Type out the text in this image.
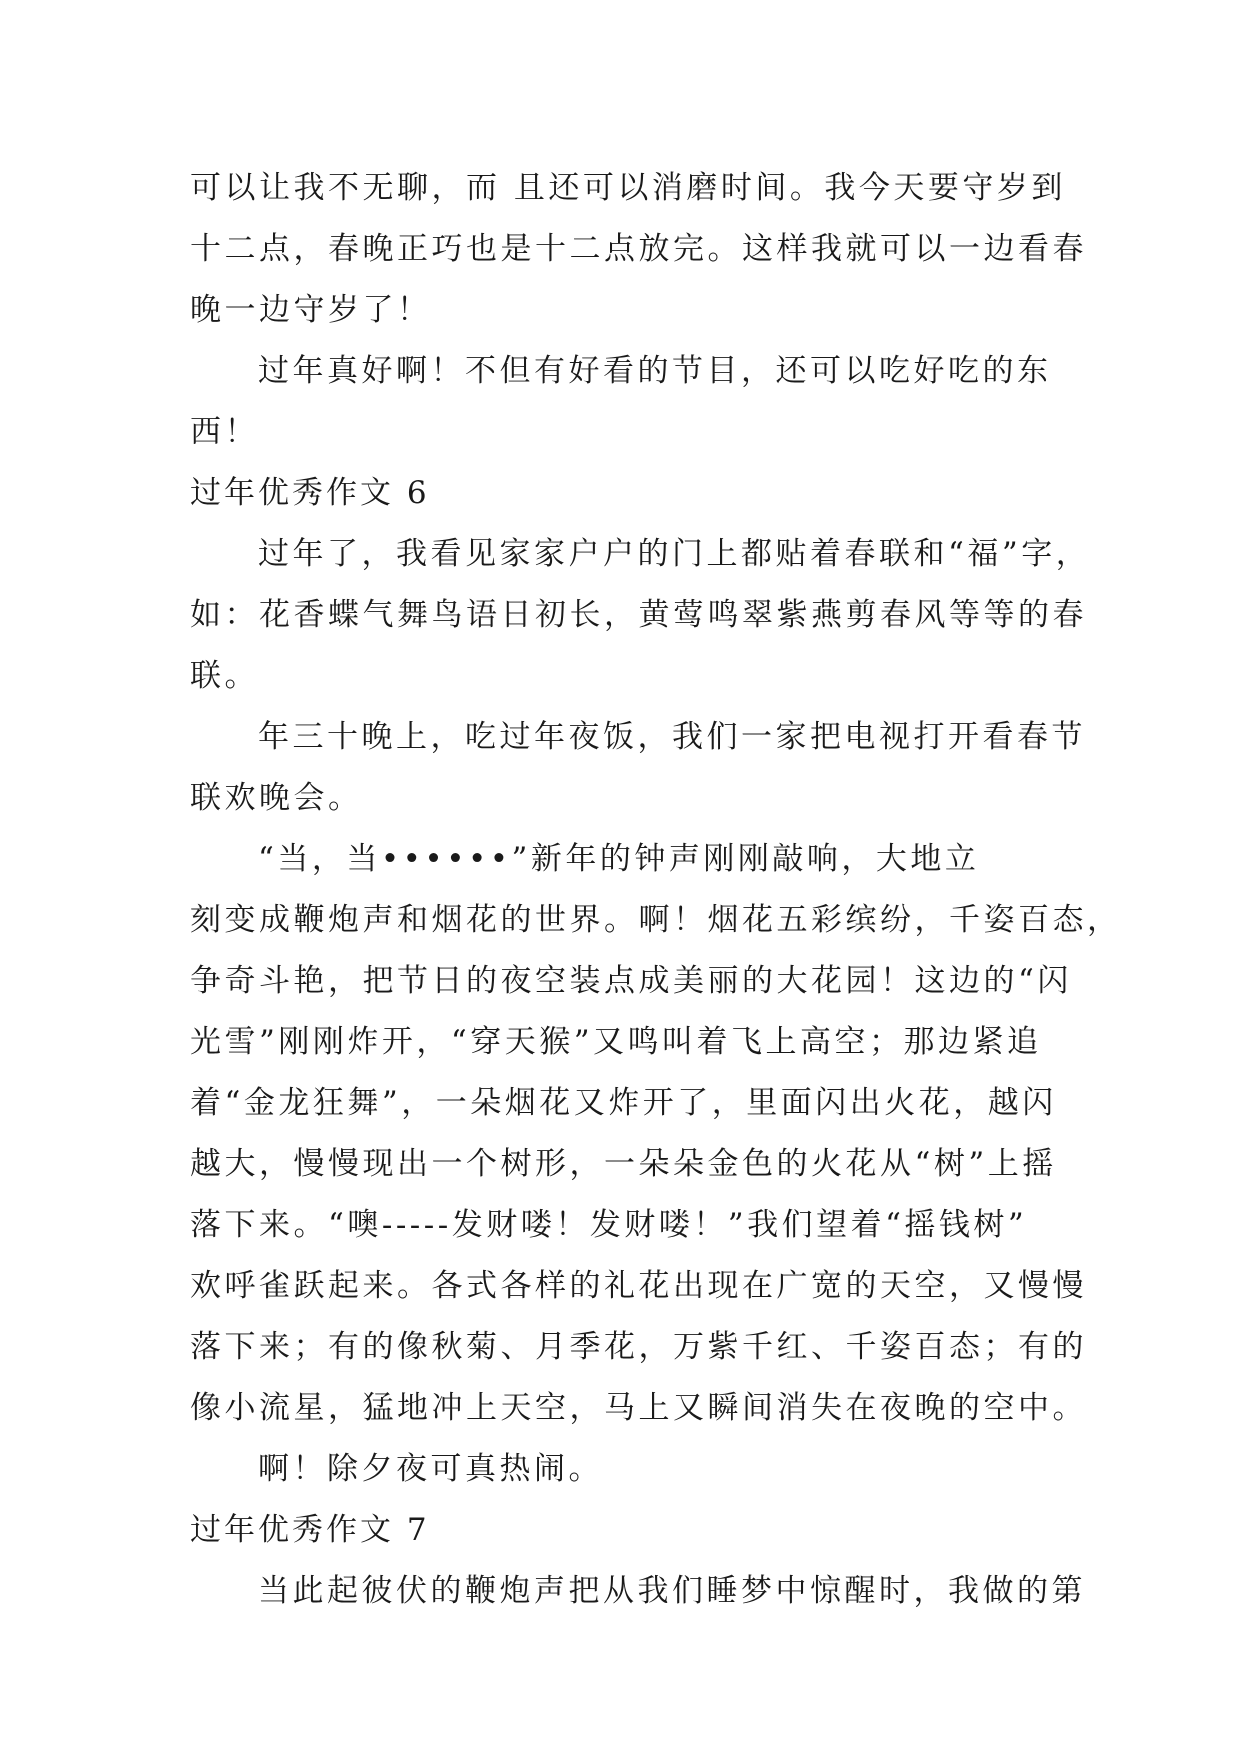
可以让我不无聊，而 且还可以消磨时间。我今天要守岁到
十二点，春晚正巧也是十二点放完。这样我就可以一边看春
晚一边守岁了！
过年真好啊！不但有好看的节目，还可以吃好吃的东
西！
过年优秀作文 6
过年了，我看见家家户户的门上都贴着春联和“福”字，
如：花香蝶气舞鸟语日初长，黄莺鸣翠紫燕剪春风等等的春
联。
年三十晚上，吃过年夜饭，我们一家把电视打开看春节
联欢晚会。
“当，当••••••”新年的钟声刚刚敲响，大地立
刻变成鞭炮声和烟花的世界。啊！烟花五彩缤纷，千姿百态，
争奇斗艳，把节日的夜空装点成美丽的大花园！这边的“闪
光雪”刚刚炸开，“穿天猴”又鸣叫着飞上高空；那边紧追
着“金龙狂舞”，一朵烟花又炸开了，里面闪出火花，越闪
越大，慢慢现出一个树形，一朵朵金色的火花从“树”上摇
落下来。“噢-----发财喽！发财喽！”我们望着“摇钱树”
欢呼雀跃起来。各式各样的礼花出现在广宽的天空，又慢慢
落下来；有的像秋菊、月季花，万紫千红、千姿百态；有的
像小流星，猛地冲上天空，马上又瞬间消失在夜晚的空中。
啊！除夕夜可真热闹。
过年优秀作文 7
当此起彼伏的鞭炮声把从我们睡梦中惊醒时，我做的第
